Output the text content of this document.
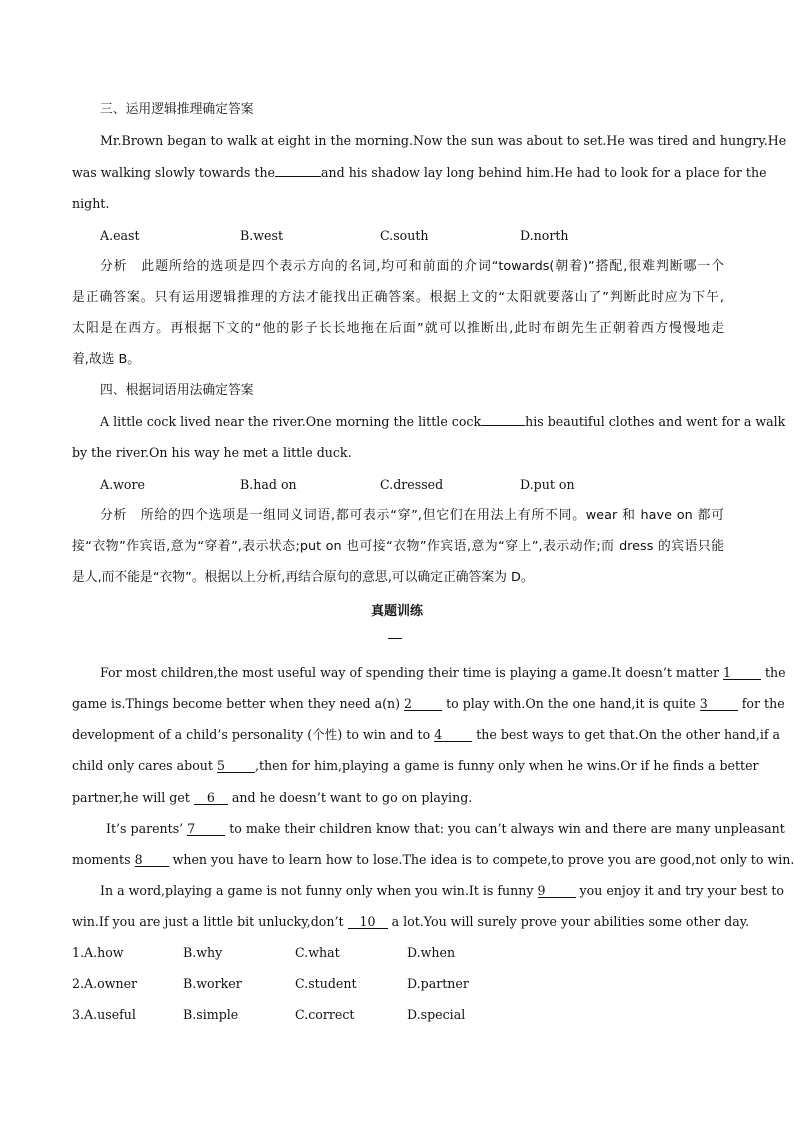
三、运用逻辑推理确定答案
Mr.Brown began to walk at eight in the morning.Now the sun was about to set.He was tired and hungry.He
was walking slowly towards the	and his shadow lay long behind him.He had to look for a place for the
night.
A.east	B.west	C.south	D.north
分析　此题所给的选项是四个表示方向的名词,均可和前面的介词“towards(朝着)”搭配,很难判断哪一个
是正确答案。只有运用逻辑推理的方法才能找出正确答案。根据上文的“太阳就要落山了”判断此时应为下午,
太阳是在西方。再根据下文的“他的影子长长地拖在后面”就可以推断出,此时布朗先生正朝着西方慢慢地走
着,故选 B。
四、根据词语用法确定答案
A little cock lived near the river.One morning the little cock	his beautiful clothes and went for a walk
by the river.On his way he met a little duck.
A.wore	B.had on	C.dressed	D.put on
分析　所给的四个选项是一组同义词语,都可表示“穿”,但它们在用法上有所不同。wear 和 have on 都可
接“衣物”作宾语,意为“穿着”,表示状态;put on 也可接“衣物”作宾语,意为“穿上”,表示动作;而 dress 的宾语只能
是人,而不能是“衣物”。根据以上分析,再结合原句的意思,可以确定正确答案为 D。
真题训练
For most children,the most useful way of spending their time is playing a game.It doesn’t matter 1	the
game is.Things become better when they need a(n) 2	to play with.On the one hand,it is quite 3	for the
development of a child’s personality (个性) to win and to 4	the best ways to get that.On the other hand,if a
child only cares about 5 ,then for him,playing a game is funny only when he wins.Or if he finds a better
partner,he will get 6 and he doesn’t want to go on playing.
It’s parents’ 7	to make their children know that: you can’t always win and there are many unpleasant
moments 8 when you have to learn how to lose.The idea is to compete,to prove you are good,not only to win.
In a word,playing a game is not funny only when you win.It is funny 9	you enjoy it and try your best to
win.If you are just a little bit unlucky,don’t 10 a lot.You will surely prove your abilities some other day.
1.A.how	B.why	C.what	D.when
2.A.owner	B.worker	C.student	D.partner
3.A.useful	B.simple	C.correct	D.special
